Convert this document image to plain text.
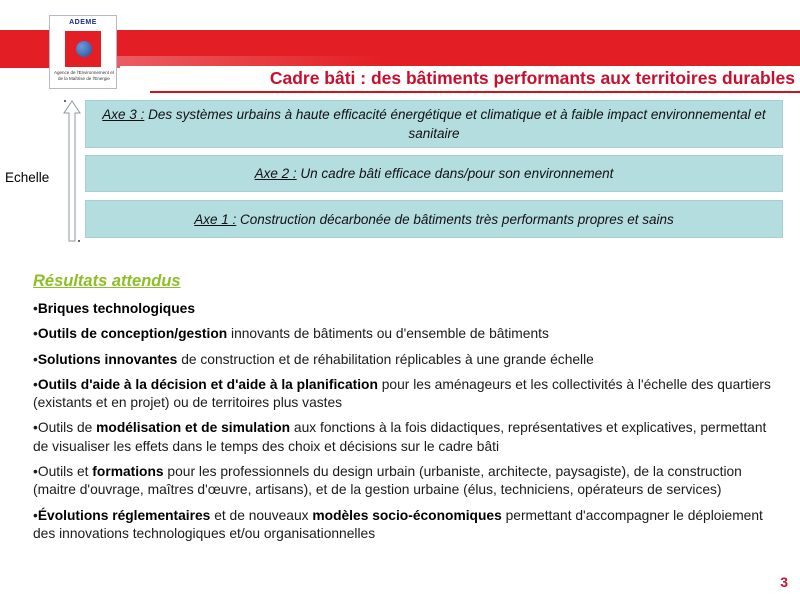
ADEME
Agence de l'Environnement et de la Maîtrise de l'Energie	Cadre bâti : des bâtiments performants aux territoires durables
Echelle
Axe 3 : Des systèmes urbains à haute efficacité énergétique et climatique et à faible impact environnemental et sanitaire
Axe 2 : Un cadre bâti efficace dans/pour son environnement
Axe 1 : Construction décarbonée de bâtiments très performants propres et sains
Résultats attendus
•Briques technologiques
•Outils de conception/gestion innovants de bâtiments ou d'ensemble de bâtiments
•Solutions innovantes de construction et de réhabilitation réplicables à une grande échelle
•Outils d'aide à la décision et d'aide à la planification pour les aménageurs et les collectivités à l'échelle des quartiers (existants et en projet) ou de territoires plus vastes
•Outils de modélisation et de simulation aux fonctions à la fois didactiques, représentatives et explicatives, permettant de visualiser les effets dans le temps des choix et décisions sur le cadre bâti
•Outils et formations pour les professionnels du design urbain (urbaniste, architecte, paysagiste), de la construction (maitre d'ouvrage, maîtres d'œuvre, artisans), et de la gestion urbaine (élus, techniciens, opérateurs de services)
•Évolutions réglementaires et de nouveaux modèles socio-économiques permettant d'accompagner le déploiement des innovations technologiques et/ou organisationnelles
3
